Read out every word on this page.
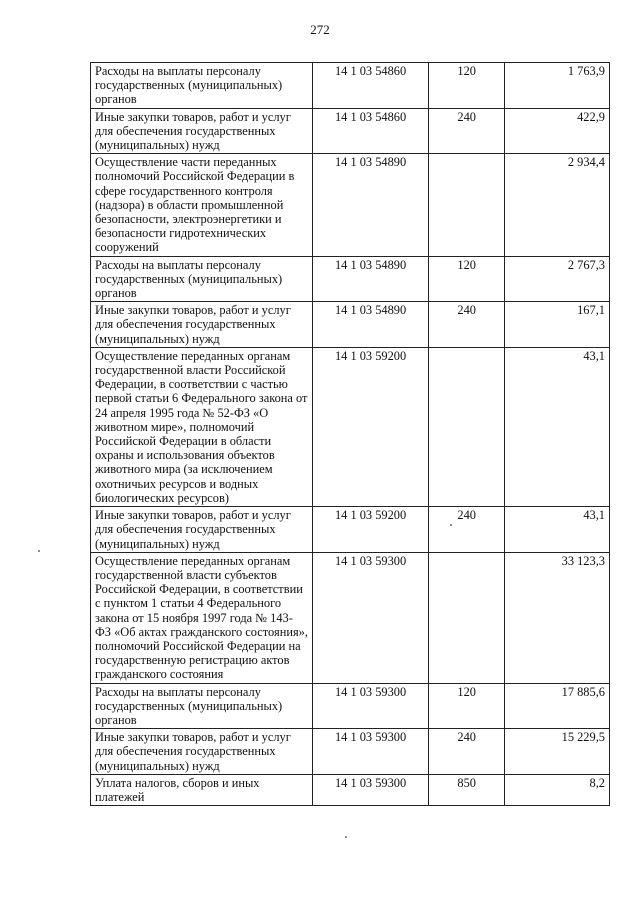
272
Расходы на выплаты персоналу государственных (муниципальных) органов	14 1 03 54860	120	1 763,9
Иные закупки товаров, работ и услуг для обеспечения государственных (муниципальных) нужд	14 1 03 54860	240	422,9
Осуществление части переданных полномочий Российской Федерации в сфере государственного контроля (надзора) в области промышленной безопасности, электроэнергетики и безопасности гидротехнических сооружений	14 1 03 54890		2 934,4
Расходы на выплаты персоналу государственных (муниципальных) органов	14 1 03 54890	120	2 767,3
Иные закупки товаров, работ и услуг для обеспечения государственных (муниципальных) нужд	14 1 03 54890	240	167,1
Осуществление переданных органам государственной власти Российской Федерации, в соответствии с частью первой статьи 6 Федерального закона от 24 апреля 1995 года № 52-ФЗ «О животном мире», полномочий Российской Федерации в области охраны и использования объектов животного мира (за исключением охотничьих ресурсов и водных биологических ресурсов)	14 1 03 59200		43,1
Иные закупки товаров, работ и услуг для обеспечения государственных (муниципальных) нужд	14 1 03 59200	240	43,1
Осуществление переданных органам государственной власти субъектов Российской Федерации, в соответствии с пунктом 1 статьи 4 Федерального закона от 15 ноября 1997 года № 143-ФЗ «Об актах гражданского состояния», полномочий Российской Федерации на государственную регистрацию актов гражданского состояния	14 1 03 59300		33 123,3
Расходы на выплаты персоналу государственных (муниципальных) органов	14 1 03 59300	120	17 885,6
Иные закупки товаров, работ и услуг для обеспечения государственных (муниципальных) нужд	14 1 03 59300	240	15 229,5
Уплата налогов, сборов и иных платежей	14 1 03 59300	850	8,2
